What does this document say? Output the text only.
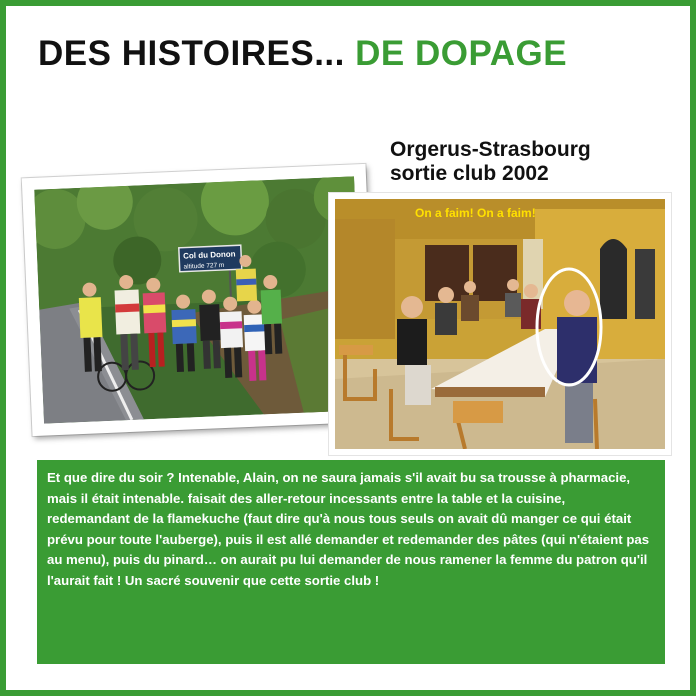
DES HISTOIRES... DE DOPAGE
Orgerus-Strasbourg
sortie club 2002
Col du Donon
altitude 727 m
On a faim! On a faim!
Et que dire du soir ? Intenable, Alain, on ne saura jamais s'il avait bu sa trousse à pharmacie, mais il était intenable. faisait des aller-retour incessants entre la table et la cuisine, redemandant de la flamekuche (faut dire qu'à nous tous seuls on avait dû manger ce qui était prévu pour toute l'auberge), puis il est allé demander et redemander des pâtes (qui n'étaient pas au menu), puis du pinard… on aurait pu lui demander de nous ramener la femme du patron qu'il l'aurait fait ! Un sacré souvenir que cette sortie club !
